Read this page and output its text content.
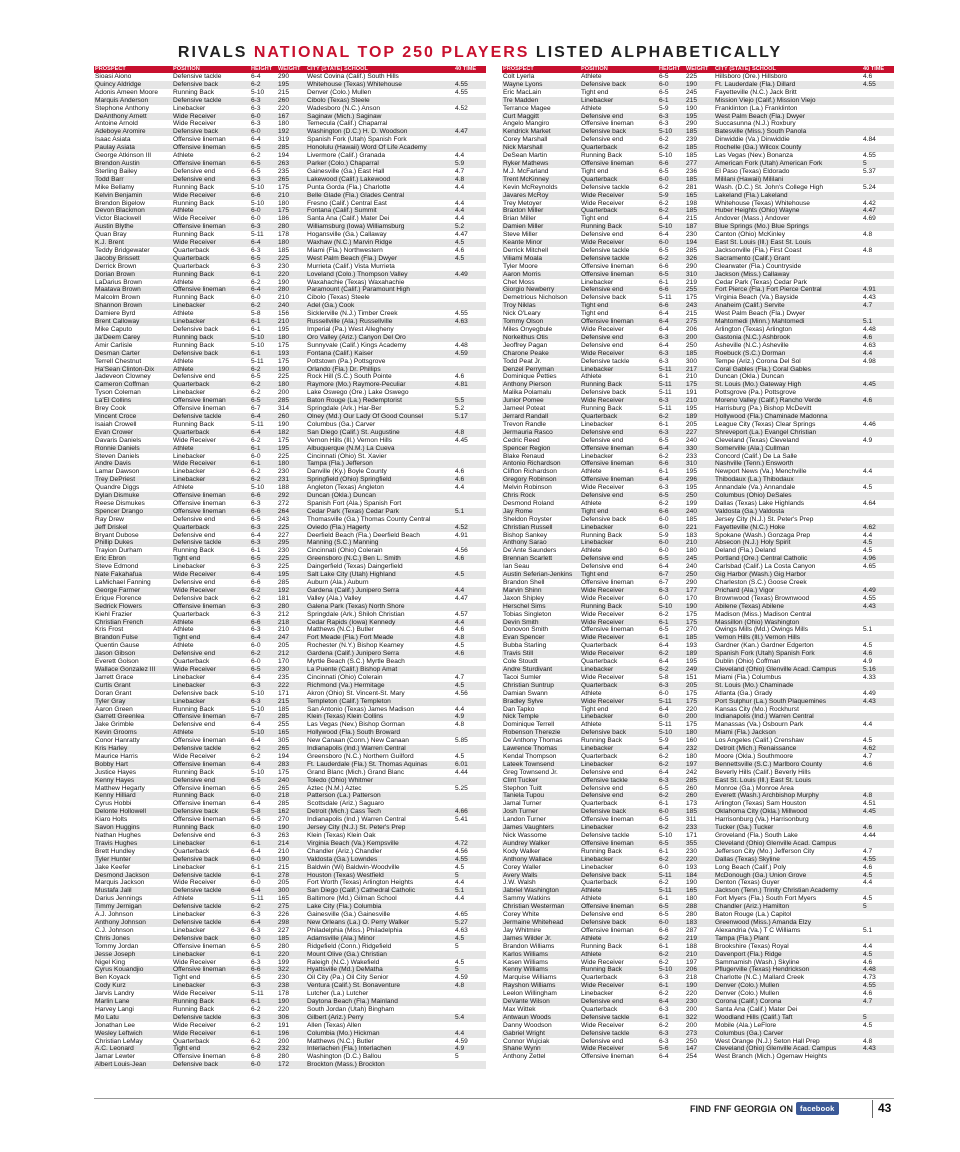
RIVALS NATIONAL TOP 250 PLAYERS LISTED ALPHABETICALLY
PROSPECT	POSITION	HEIGHT	WEIGHT	CITY (STATE) SCHOOL	40 TIME
Sioasi Aiono	Defensive tackle	6-4	290	West Covina (Calif.) South Hills	
Quincy Aldridge	Defensive back	6-2	195	Whitehouse (Texas) Whitehouse	4.55
Adonis Ameen Moore	Running Back	5-10	215	Denver (Colo.) Mullen	4.55
Marquis Anderson	Defensive tackle	6-3	260	Cibolo (Texas) Steele	
Stephone Anthony	Linebacker	6-3	220	Wadesboro (N.C.) Anson	4.52
DeAnthony Arnett	Wide Receiver	6-0	167	Saginaw (Mich.) Saginaw	
Antoine Arnold	Wide Receiver	6-3	180	Temecula (Calif.) Chaparral	
Adeboye Aromire	Defensive back	6-0	192	Washington (D.C.) H. D. Woodson	4.47
Isaac Asiata	Offensive lineman	6-4	319	Spanish Fork (Utah) Spanish Fork	
Paulay Asiata	Offensive lineman	6-5	285	Honolulu (Hawaii) Word Of Life Academy	
George Atkinson III	Athlete	6-2	194	Livermore (Calif.) Granada	4.4
Brendon Austin	Offensive lineman	6-5	263	Parker (Colo.) Chaparral	5.9
Sterling Bailey	Defensive end	6-5	235	Gainesville (Ga.) East Hall	4.7
Todd Barr	Defensive end	6-3	265	Lakewood (Calif.) Lakewood	4.8
Mike Bellamy	Running Back	5-10	175	Punta Gorda (Fla.) Charlotte	4.4
Kelvin Benjamin	Wide Receiver	6-6	210	Belle Glade (Fla.) Glades Central	
Brendon Bigelow	Running Back	5-10	180	Fresno (Calif.) Central East	4.4
Devon Blackmon	Athlete	6-0	175	Fontana (Calif.) Summit	4.4
Victor Blackwell	Wide Receiver	6-0	186	Santa Ana (Calif.) Mater Dei	4.4
Austin Blythe	Offensive lineman	6-3	280	Williamsburg (Iowa) Williamsburg	5.2
Quan Bray	Running Back	5-11	178	Hogansville (Ga.) Callaway	4.47
K.J. Brent	Wide Receiver	6-4	180	Waxhaw (N.C.) Marvin Ridge	4.5
Teddy Bridgewater	Quarterback	6-3	185	Miami (Fla.) Northwestern	4.6
Jacoby Brissett	Quarterback	6-5	225	West Palm Beach (Fla.) Dwyer	4.5
Derrick Brown	Quarterback	6-3	230	Murrieta (Calif.) Vista Murrieta	
Dorian Brown	Running Back	6-1	220	Loveland (Colo.) Thompson Valley	4.49
LaDarius Brown	Athlete	6-2	190	Waxahachie (Texas) Waxahachie	
Maatava Brown	Offensive lineman	6-4	280	Paramount (Calif.) Paramount High	
Malcolm Brown	Running Back	6-0	210	Cibolo (Texas) Steele	
Shannon Brown	Linebacker	6-2	240	Adel (Ga.) Cook	
Damiere Byrd	Athlete	5-8	156	Sicklerville (N.J.) Timber Creek	4.55
Brent Calloway	Linebacker	6-1	210	Russellville (Ala.) Russellville	4.63
Mike Caputo	Defensive back	6-1	195	Imperial (Pa.) West Allegheny	
Ja'Deem Carey	Running back	5-10	180	Oro Valley (Ariz.) Canyon Del Oro	
Amir Carlisle	Running Back	5-10	175	Sunnyvale (Calif.) Kings Academy	4.48
Desman Carter	Defensive back	6-1	193	Fontana (Calif.) Kaiser	4.59
Terrell Chestnut	Athlete	5-11	175	Pottstown (Pa.) Pottsgrove	
Ha'Sean Clinton-Dix	Athlete	6-2	190	Orlando (Fla.) Dr. Phillips	
Jadeveon Clowney	Defensive end	6-5	225	Rock Hill (S.C.) South Pointe	4.6
Cameron Coffman	Quarterback	6-2	180	Raymore (Mo.) Raymore-Peculiar	4.81
Tyson Coleman	Linebacker	6-2	200	Lake Oswego (Ore.) Lake Oswego	
La'El Collins	Offensive lineman	6-5	285	Baton Rouge (La.) Redemptorist	5.5
Brey Cook	Offensive lineman	6-7	314	Springdale (Ark.) Har-Ber	5.2
Vincent Croce	Defensive tackle	6-4	260	Olney (Md.) Our Lady Of Good Counsel	5.17
Isaiah Crowell	Running Back	5-11	190	Columbus (Ga.) Carver	
Evan Crower	Quarterback	6-4	182	San Diego (Calif.) St. Augustine	4.8
Davaris Daniels	Wide Receiver	6-2	175	Vernon Hills (Ill.) Vernon Hills	4.45
Ronnie Daniels	Athlete	6-1	195	Albuquerque (N.M.) La Cueva	
Steven Daniels	Linebacker	6-0	225	Cincinnati (Ohio) St. Xavier	
Andre Davis	Wide Receiver	6-1	180	Tampa (Fla.) Jefferson	
Lamar Dawson	Linebacker	6-2	230	Danville (Ky.) Boyle County	4.6
Trey DePriest	Linebacker	6-2	231	Springfield (Ohio) Springfield	4.6
Quandre Diggs	Athlete	5-10	188	Angleton (Texas) Angleton	4.4
Dylan Dismuke	Offensive lineman	6-6	292	Duncan (Okla.) Duncan	
Reese Dismukes	Offensive lineman	6-3	272	Spanish Fort (Ala.) Spanish Fort	
Spencer Drango	Offensive lineman	6-6	264	Cedar Park (Texas) Cedar Park	5.1
Ray Drew	Defensive end	6-5	243	Thomasville (Ga.) Thomas County Central	
Jeff Driskel	Quarterback	6-3	225	Oviedo (Fla.) Hagerty	4.52
Bryant Dubose	Defensive end	6-4	227	Deerfield Beach (Fla.) Deerfield Beach	4.91
Phillip Dukes	Defensive tackle	6-3	295	Manning (S.C.) Manning	
Trayion Durham	Running Back	6-1	230	Cincinnati (Ohio) Colerain	4.56
Eric Ebron	Tight end	6-5	225	Greensboro (N.C.) Ben L. Smith	4.6
Steve Edmond	Linebacker	6-3	225	Daingerfield (Texas) Daingerfield	
Nate Fakahafua	Wide Receiver	6-4	195	Salt Lake City (Utah) Highland	4.5
LaMichael Fanning	Defensive end	6-6	285	Auburn (Ala.) Auburn	
George Farmer	Wide Receiver	6-2	192	Gardena (Calif.) Junipero Serra	4.4
Erique Florence	Defensive back	6-2	181	Valley (Ala.) Valley	4.47
Sedrick Flowers	Offensive lineman	6-3	280	Galena Park (Texas) North Shore	
Kiehl Frazier	Quarterback	6-3	212	Springdale (Ark.) Shiloh Christian	4.57
Christian French	Athlete	6-6	218	Cedar Rapids (Iowa) Kennedy	4.4
Kris Frost	Athlete	6-3	210	Matthews (N.C.) Butler	4.6
Brandon Fulse	Tight end	6-4	247	Fort Meade (Fla.) Fort Meade	4.8
Quentin Gause	Athlete	6-0	205	Rochester (N.Y.) Bishop Kearney	4.5
Jason Gibson	Defensive end	6-2	212	Gardena (Calif.) Junipero Serra	4.6
Everett Golson	Quarterback	6-0	170	Myrtle Beach (S.C.) Myrtle Beach	
Wallace Gonzalez III	Wide Receiver	6-5	230	La Puente (Calif.) Bishop Amat	
Jarrett Grace	Linebacker	6-4	235	Cincinnati (Ohio) Colerain	4.7
Curtis Grant	Linebacker	6-3	222	Richmond (Va.) Hermitage	4.5
Doran Grant	Defensive back	5-10	171	Akron (Ohio) St. Vincent-St. Mary	4.56
Tyler Gray	Linebacker	6-3	215	Templeton (Calif.) Templeton	
Aaron Green	Running Back	5-10	185	San Antonio (Texas) James Madison	4.4
Garrett Greenlea	Offensive lineman	6-7	285	Klein (Texas) Klein Collins	4.9
Jake Grimble	Defensive end	6-4	255	Las Vegas (Nev.) Bishop Gorman	4.8
Kevin Grooms	Athlete	5-10	165	Hollywood (Fla.) South Broward	
Conor Hanratty	Offensive lineman	6-4	305	New Canaan (Conn.) New Canaan	5.85
Kris Harley	Defensive tackle	6-2	265	Indianapolis (Ind.) Warren Central	
Maurice Harris	Wide Receiver	6-2	194	Greensboro (N.C.) Northern Guilford	4.5
Bobby Hart	Offensive lineman	6-4	283	Ft. Lauderdale (Fla.) St. Thomas Aquinas	6.01
Justice Hayes	Running Back	5-10	175	Grand Blanc (Mich.) Grand Blanc	4.44
Kenny Hayes	Defensive end	6-5	240	Toledo (Ohio) Whitmer	
Matthew Hegarty	Offensive lineman	6-5	265	Aztec (N.M.) Aztec	5.25
Kenny Hilliard	Running Back	6-0	218	Patterson (La.) Patterson	
Cyrus Hobbi	Offensive lineman	6-4	285	Scottsdale (Ariz.) Saguaro	
Delonte Hollowell	Defensive back	5-8	162	Detroit (Mich.) Cass Tech	4.66
Kiaro Holts	Offensive lineman	6-5	270	Indianapolis (Ind.) Warren Central	5.41
Savon Huggins	Running Back	6-0	190	Jersey City (N.J.) St. Peter's Prep	
Nathan Hughes	Defensive end	6-3	263	Klein (Texas) Klein Oak	
Travis Hughes	Linebacker	6-1	214	Virginia Beach (Va.) Kempsville	4.72
Brett Hundley	Quarterback	6-4	210	Chandler (Ariz.) Chandler	4.56
Tyler Hunter	Defensive back	6-0	190	Valdosta (Ga.) Lowndes	4.55
Jake Keefer	Linebacker	6-1	215	Baldwin (Wi) Baldwin-Woodville	4.5
Desmond Jackson	Defensive tackle	6-1	278	Houston (Texas) Westfield	5
Marquis Jackson	Wide Receiver	6-0	205	Fort Worth (Texas) Arlington Heights	4.4
Mustafa Jalil	Defensive tackle	6-4	300	San Diego (Calif.) Cathedral Catholic	5.1
Darius Jennings	Athlete	5-11	165	Baltimore (Md.) Gilman School	4.4
Timmy Jernigan	Defensive tackle	6-2	275	Lake City (Fla.) Columbia	
A.J. Johnson	Linebacker	6-3	226	Gainesville (Ga.) Gainesville	4.65
Anthony Johnson	Defensive tackle	6-4	298	New Orleans (La.) O. Perry Walker	5.27
C.J. Johnson	Linebacker	6-3	227	Philadelphia (Miss.) Philadelphia	4.63
Chris Jones	Defensive back	6-0	185	Adamsville (Ala.) Minor	4.5
Tommy Jordan	Offensive lineman	6-5	280	Ridgefield (Conn.) Ridgefield	5
Jesse Joseph	Linebacker	6-1	220	Mount Olive (Ga.) Christian	
Nigel King	Wide Receiver	6-3	199	Raleigh (N.C.) Wakefield	4.5
Cyrus Kouandjio	Offensive lineman	6-6	322	Hyattsville (Md.) DeMatha	5
Ben Koyack	Tight end	6-5	230	Oil City (Pa.) Oil City Senior	4.59
Cody Kurz	Linebacker	6-3	238	Ventura (Calif.) St. Bonaventure	4.8
Jarvis Landry	Wide Receiver	5-11	178	Lutcher (La.) Lutcher	
Marlin Lane	Running Back	6-1	190	Daytona Beach (Fla.) Mainland	
Harvey Langi	Running Back	6-2	220	South Jordan (Utah) Bingham	
Mo Latu	Defensive tackle	6-3	306	Gilbert (Ariz.) Perry	5.4
Jonathan Lee	Wide Receiver	6-2	191	Allen (Texas) Allen	
Wesley Leftwich	Wide Receiver	6-1	196	Columbia (Mo.) Hickman	4.4
Christian LeMay	Quarterback	6-2	200	Matthews (N.C.) Butler	4.59
A.C. Leonard	Tight end	6-2	232	Interlachen (Fla.) Interlachen	4.9
Jamar Lewter	Offensive lineman	6-8	280	Washington (D.C.) Ballou	5
Albert Louis-Jean	Defensive back	6-0	172	Brockton (Mass.) Brockton	
PROSPECT	POSITION	HEIGHT	WEIGHT	CITY (STATE) SCHOOL	40 TIME
Colt Lyerla	Athlete	6-5	225	Hillsboro (Ore.) Hillsboro	4.6
Wayne Lyons	Defensive back	6-0	190	Ft. Lauderdale (Fla.) Dillard	4.55
Eric MacLain	Tight end	6-5	245	Fayetteville (N.C.) Jack Britt	
Tre Madden	Linebacker	6-1	215	Mission Viejo (Calif.) Mission Viejo	
Terrance Magee	Athlete	5-9	190	Franklinton (La.) Franklinton	
Curt Maggitt	Defensive end	6-3	195	West Palm Beach (Fla.) Dwyer	
Angelo Mangiro	Offensive lineman	6-3	290	Succasunna (N.J.) Roxbury	
Kendrick Market	Defensive back	5-10	185	Batesville (Miss.) South Panola	
Corey Marshall	Defensive end	6-2	239	Dinwiddie (Va.) Dinwiddie	4.84
Nick Marshall	Quarterback	6-2	185	Rochelle (Ga.) Wilcox County	
DeSean Martin	Running Back	5-10	185	Las Vegas (Nev.) Bonanza	4.55
Ryker Mathews	Offensive lineman	6-6	277	American Fork (Utah) American Fork	5
M.J. McFarland	Tight end	6-5	236	El Paso (Texas) Eldorado	5.37
Trent McKinney	Quarterback	6-0	185	Mililani (Hawaii) Mililani	
Kevin McReynolds	Defensive tackle	6-2	281	Wash. (D.C.) St. John's College High	5.24
Javares McRoy	Wide Receiver	5-9	165	Lakeland (Fla.) Lakeland	
Trey Metoyer	Wide Receiver	6-2	198	Whitehouse (Texas) Whitehouse	4.42
Braxton Miller	Quarterback	6-2	185	Huber Heights (Ohio) Wayne	4.47
Brian Miller	Tight end	6-4	215	Andover (Mass.) Andover	4.69
Damien Miller	Running Back	5-10	187	Blue Springs (Mo.) Blue Springs	
Steve Miller	Defensive end	6-4	230	Canton (Ohio) McKinley	4.8
Keante Minor	Wide Receiver	6-0	194	East St. Louis (Ill.) East St. Louis	
Derrick Mitchell	Defensive tackle	6-5	285	Jacksonville (Fla.) First Coast	4.8
Viliami Moala	Defensive tackle	6-2	326	Sacramento (Calif.) Grant	
Tyler Moore	Offensive lineman	6-6	290	Clearwater (Fla.) Countryside	
Aaron Morris	Offensive lineman	6-5	310	Jackson (Miss.) Callaway	
Chet Moss	Linebacker	6-1	219	Cedar Park (Texas) Cedar Park	
Giorgio Newberry	Defensive end	6-6	255	Fort Pierce (Fla.) Fort Pierce Central	4.91
Demetrious Nicholson	Defensive back	5-11	175	Virginia Beach (Va.) Bayside	4.43
Troy Niklas	Tight end	6-6	243	Anaheim (Calif.) Servite	4.7
Nick O'Leary	Tight end	6-4	215	West Palm Beach (Fla.) Dwyer	
Tommy Olson	Offensive lineman	6-4	275	Mahtomedi (Minn.) Mahtomedi	5.1
Miles Onyegbule	Wide Receiver	6-4	206	Arlington (Texas) Arlington	4.48
Norkeithus Otis	Defensive end	6-3	200	Gastonia (N.C.) Ashbrook	4.6
Jeoffrey Pagan	Defensive end	6-4	250	Asheville (N.C.) Asheville	4.63
Charone Peake	Wide Receiver	6-3	185	Roebuck (S.C.) Dorman	4.4
Todd Peat Jr.	Defensive tackle	6-3	300	Tempe (Ariz.) Corona Del Sol	4.98
Denzel Perryman	Linebacker	5-11	217	Coral Gables (Fla.) Coral Gables	
Dominique Petties	Athlete	6-1	210	Duncan (Okla.) Duncan	
Anthony Pierson	Running Back	5-11	175	St. Louis (Mo.) Gateway High	4.45
Malika Polamalu	Defensive back	5-11	191	Pottsgrove (Pa.) Pottsgrove	
Junior Pomee	Wide Receiver	6-3	210	Moreno Valley (Calif.) Rancho Verde	4.6
Jameel Poteat	Running Back	5-11	195	Harrisburg (Pa.) Bishop McDevitt	
Jerrard Randall	Quarterback	6-2	189	Hollywood (Fla.) Chaminade Madonna	
Trevon Randle	Linebacker	6-1	205	League City (Texas) Clear Springs	4.46
Jermauria Rasco	Defensive end	6-3	227	Shreveport (La.) Evangel Christian	
Cedric Reed	Defensive end	6-5	240	Cleveland (Texas) Cleveland	4.9
Spencer Region	Offensive lineman	6-4	330	Somerville (Ala.) Cullman	
Blake Renaud	Linebacker	6-2	233	Concord (Calif.) De La Salle	
Antonio Richardson	Offensive lineman	6-6	310	Nashville (Tenn.) Ensworth	
Clifton Richardson	Athlete	6-1	195	Newport News (Va.) Menchville	4.4
Gregory Robinson	Offensive lineman	6-4	296	Thibodaux (La.) Thibodaux	
Melvin Robinson	Wide Receiver	6-3	195	Annandale (Va.) Annandale	4.5
Chris Rock	Defensive end	6-5	250	Columbus (Ohio) DeSales	
Desmond Roland	Athlete	6-2	199	Dallas (Texas) Lake Highlands	4.64
Jay Rome	Tight end	6-6	240	Valdosta (Ga.) Valdosta	
Sheldon Royster	Defensive back	6-0	185	Jersey City (N.J.) St. Peter's Prep	
Christian Russell	Linebacker	6-0	221	Fayetteville (N.C.) Hoke	4.62
Bishop Sankey	Running Back	5-9	183	Spokane (Wash.) Gonzaga Prep	4.4
Anthony Sarao	Linebacker	6-0	210	Absecon (N.J.) Holy Spirit	4.5
De'Ante Saunders	Athlete	6-0	180	Deland (Fla.) Deland	4.5
Brennan Scarlett	Defensive end	6-5	245	Portland (Ore.) Central Catholic	4.96
Ian Seau	Defensive end	6-4	240	Carlsbad (Calif.) La Costa Canyon	4.65
Austin Seferian-Jenkins	Tight end	6-7	250	Gig Harbor (Wash.) Gig Harbor	
Brandon Shell	Offensive lineman	6-7	290	Charleston (S.C.) Goose Creek	
Marvin Shinn	Wide Receiver	6-3	177	Prichard (Ala.) Vigor	4.49
Jaxon Shipley	Wide Receiver	6-0	170	Brownwood (Texas) Brownwood	4.55
Herschel Sims	Running Back	5-10	190	Abilene (Texas) Abilene	4.43
Tobias Singleton	Wide Receiver	6-2	175	Madison (Miss.) Madison Central	
Devin Smith	Wide Receiver	6-1	175	Massillon (Ohio) Washington	
Donovon Smith	Offensive lineman	6-5	270	Owings Mills (Md.) Owings Mills	5.1
Evan Spencer	Wide Receiver	6-1	185	Vernon Hills (Ill.) Vernon Hills	
Bubba Starling	Quarterback	6-4	193	Gardner (Kan.) Gardner Edgerton	4.5
Travis Still	Wide Receiver	6-2	189	Spanish Fork (Utah) Spanish Fork	4.6
Cole Stoudt	Quarterback	6-4	195	Dublin (Ohio) Coffman	4.9
Andre Sturdivant	Linebacker	6-2	249	Cleveland (Ohio) Glenville Acad. Campus	5.16
Tacoi Sumler	Wide Receiver	5-8	151	Miami (Fla.) Columbus	4.33
Christian Suntrup	Quarterback	6-3	205	St. Louis (Mo.) Chaminade	
Damian Swann	Athlete	6-0	175	Atlanta (Ga.) Grady	4.49
Bradley Sylve	Wide Receiver	5-11	175	Port Sulphur (La.) South Plaquemines	4.43
Dan Tapko	Tight end	6-4	220	Kansas City (Mo.) Rockhurst	
Nick Temple	Linebacker	6-0	200	Indianapolis (Ind.) Warren Central	
Dominique Terrell	Athlete	5-11	175	Manassas (Va.) Osbourn Park	4.4
Robenson Therezie	Defensive back	5-10	180	Miami (Fla.) Jackson	
De'Anthony Thomas	Running Back	5-9	160	Los Angeles (Calif.) Crenshaw	4.5
Lawrence Thomas	Linebacker	6-4	232	Detroit (Mich.) Renaissance	4.62
Kendal Thompson	Quarterback	6-2	180	Moore (Okla.) Southmoore	4.7
Lateek Townsend	Linebacker	6-2	197	Bennettsville (S.C.) Marlboro County	4.6
Greg Townsend Jr.	Defensive end	6-4	242	Beverly Hills (Calif.) Beverly Hills	
Clint Tucker	Offensive tackle	6-3	285	East St. Louis (Ill.) East St. Louis	
Stephon Tuitt	Defensive end	6-5	260	Monroe (Ga.) Monroe Area	
Taniela Tupou	Defensive end	6-2	260	Everett (Wash.) Archbishop Murphy	4.8
Jamal Turner	Quarterback	6-1	173	Arlington (Texas) Sam Houston	4.51
Josh Turner	Defensive back	6-0	185	Oklahoma City (Okla.) Millwood	4.45
Landon Turner	Offensive lineman	6-5	311	Harrisonburg (Va.) Harrisonburg	
James Vaughters	Linebacker	6-2	233	Tucker (Ga.) Tucker	4.6
Nick Wassome	Defensive tackle	5-10	171	Groveland (Fla.) South Lake	4.44
Aundrey Walker	Offensive lineman	6-5	355	Cleveland (Ohio) Glenville Acad. Campus	
Kody Walker	Running Back	6-1	230	Jefferson City (Mo.) Jefferson City	4.7
Anthony Wallace	Linebacker	6-2	220	Dallas (Texas) Skyline	4.55
Corey Waller	Linebacker	6-0	193	Long Beach (Calif.) Poly	4.6
Avery Walls	Defensive back	5-11	184	McDonough (Ga.) Union Grove	4.5
J.W. Walsh	Quarterback	6-2	190	Denton (Texas) Guyer	4.4
Jabriel Washington	Athlete	5-11	165	Jackson (Tenn.) Trinity Christian Academy	
Sammy Watkins	Athlete	6-1	180	Fort Myers (Fla.) South Fort Myers	4.5
Christian Westerman	Offensive lineman	6-5	288	Chandler (Ariz.) Hamilton	5
Corey White	Defensive end	6-5	280	Baton Rouge (La.) Capitol	
Jermaine Whitehead	Defensive back	6-0	183	Greenwood (Miss.) Amanda Elzy	
Jay Whitmire	Offensive lineman	6-6	287	Alexandria (Va.) T C Williams	5.1
James Wilder Jr.	Athlete	6-2	219	Tampa (Fla.) Plant	
Brandon Williams	Running Back	6-1	188	Brookshire (Texas) Royal	4.4
Karlos Williams	Athlete	6-2	210	Davenport (Fla.) Ridge	4.5
Kasen Williams	Wide Receiver	6-2	197	Sammamish (Wash.) Skyline	4.6
Kenny Williams	Running Back	5-10	206	Pflugerville (Texas) Hendrickson	4.48
Marquise Williams	Quarterback	6-3	218	Charlotte (N.C.) Mallard Creek	4.73
Rayshon Williams	Wide Receiver	6-1	190	Denver (Colo.) Mullen	4.55
Leelon Willingham	Linebacker	6-2	220	Denver (Colo.) Mullen	4.6
DeVante Wilson	Defensive end	6-4	230	Corona (Calif.) Corona	4.7
Max Wittek	Quarterback	6-3	200	Santa Ana (Calif.) Mater Dei	
Antwaun Woods	Defensive tackle	6-1	322	Woodland Hills (Calif.) Taft	5
Danny Woodson	Wide Receiver	6-2	200	Mobile (Ala.) LeFlore	4.5
Gabriel Wright	Defensive tackle	6-3	273	Columbus (Ga.) Carver	
Connor Wujciak	Defensive end	6-3	250	West Orange (N.J.) Seton Hall Prep	4.8
Shane Wynn	Wide Receiver	5-6	147	Cleveland (Ohio) Glenville Acad. Campus	4.43
Anthony Zettel	Offensive lineman	6-4	254	West Branch (Mich.) Ogemaw Heights	
FIND FNF GEORGIA ON facebook	43
